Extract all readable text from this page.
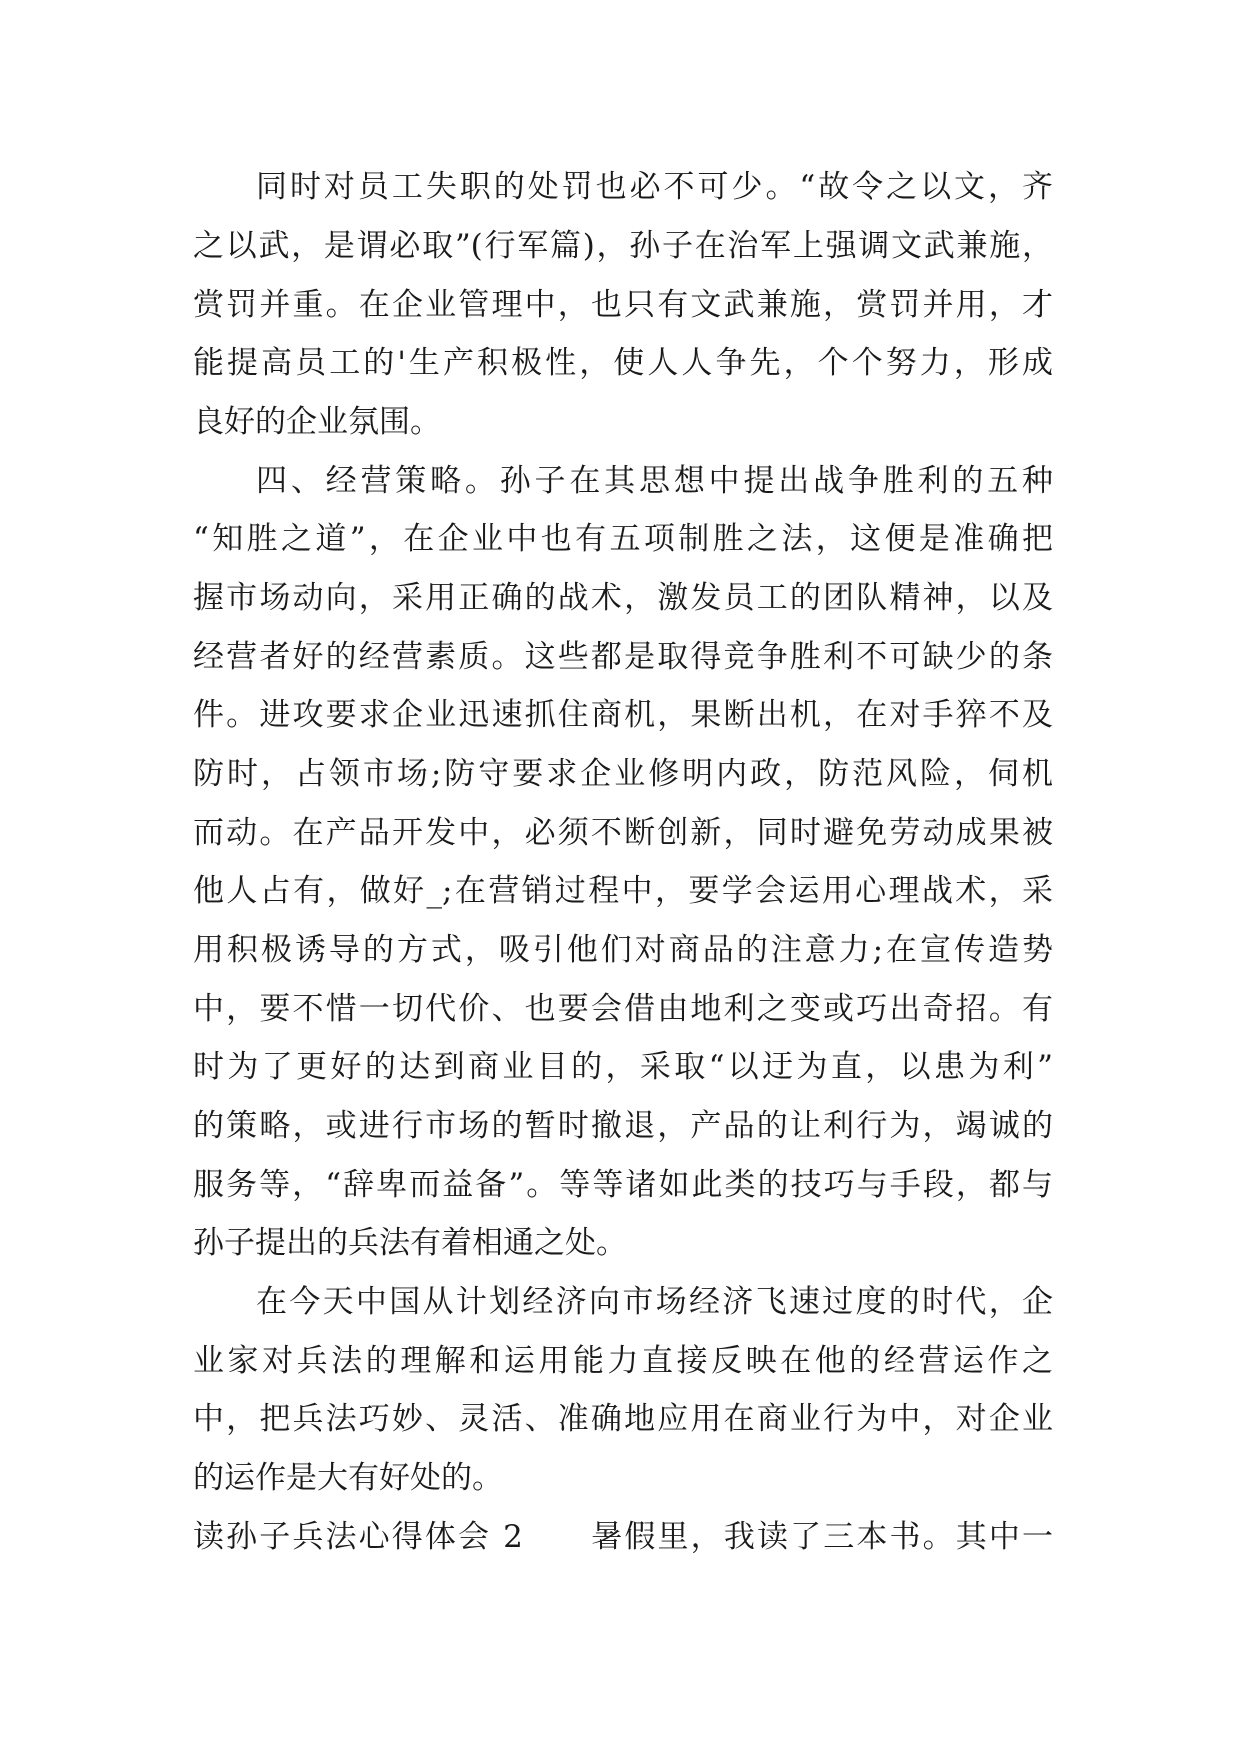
同时对员工失职的处罚也必不可少。“故令之以文，齐
之以武，是谓必取”(行军篇)，孙子在治军上强调文武兼施，
赏罚并重。在企业管理中，也只有文武兼施，赏罚并用，才
能提高员工的'生产积极性，使人人争先，个个努力，形成
良好的企业氛围。
四、经营策略。孙子在其思想中提出战争胜利的五种
“知胜之道”，在企业中也有五项制胜之法，这便是准确把
握市场动向，采用正确的战术，激发员工的团队精神，以及
经营者好的经营素质。这些都是取得竞争胜利不可缺少的条
件。进攻要求企业迅速抓住商机，果断出机，在对手猝不及
防时，占领市场;防守要求企业修明内政，防范风险，伺机
而动。在产品开发中，必须不断创新，同时避免劳动成果被
他人占有，做好_;在营销过程中，要学会运用心理战术，采
用积极诱导的方式，吸引他们对商品的注意力;在宣传造势
中，要不惜一切代价、也要会借由地利之变或巧出奇招。有
时为了更好的达到商业目的，采取“以迂为直，以患为利”
的策略，或进行市场的暂时撤退，产品的让利行为，竭诚的
服务等，“辞卑而益备”。等等诸如此类的技巧与手段，都与
孙子提出的兵法有着相通之处。
在今天中国从计划经济向市场经济飞速过度的时代，企
业家对兵法的理解和运用能力直接反映在他的经营运作之
中，把兵法巧妙、灵活、准确地应用在商业行为中，对企业
的运作是大有好处的。
读孙子兵法心得体会 2　　暑假里，我读了三本书。其中一
